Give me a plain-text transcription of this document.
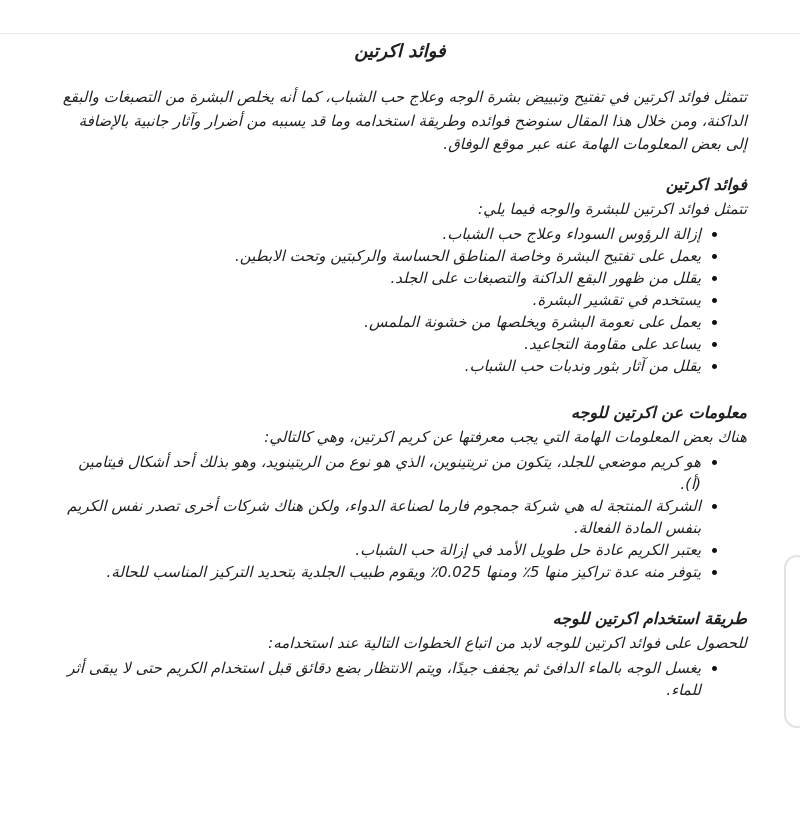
فوائد اكرتين

تتمثل فوائد اكرتين في تفتيح وتبييض بشرة الوجه وعلاج حب الشباب، كما أنه يخلص البشرة من التصبغات والبقع الداكنة، ومن خلال هذا المقال سنوضح فوائده وطريقة استخدامه وما قد يسببه من أضرار وآثار جانبية بالإضافة إلى بعض المعلومات الهامة عنه عبر موقع الوفاق.

فوائد اكرتين

تتمثل فوائد اكرتين للبشرة والوجه فيما يلي:

• إزالة الرؤوس السوداء وعلاج حب الشباب.
• يعمل على تفتيح البشرة وخاصة المناطق الحساسة والركبتين وتحت الابطين.
• يقلل من ظهور البقع الداكنة والتصبغات على الجلد.
• يستخدم في تقشير البشرة.
• يعمل على نعومة البشرة ويخلصها من خشونة الملمس.
• يساعد على مقاومة التجاعيد.
• يقلل من آثار بثور وندبات حب الشباب.
معلومات عن اكرتين للوجه

هناك بعض المعلومات الهامة التي يجب معرفتها عن كريم اكرتين، وهي كالتالي:

• هو كريم موضعي للجلد، يتكون من تريتينوين، الذي هو نوع من الريتينويد، وهو بذلك أحد أشكال فيتامين (أ).
• الشركة المنتجة له هي شركة جمجوم فارما لصناعة الدواء، ولكن هناك شركات أخرى تصدر نفس الكريم بنفس المادة الفعالة.
• يعتبر الكريم عادة حل طويل الأمد في إزالة حب الشباب.
• يتوفر منه عدة تراكيز منها 5٪ ومنها 0.025٪ ويقوم طبيب الجلدية بتحديد التركيز المناسب للحالة.
طريقة استخدام اكرتين للوجه

للحصول على فوائد اكرتين للوجه لابد من اتباع الخطوات التالية عند استخدامه:

• يغسل الوجه بالماء الدافئ ثم يجفف جيدًا، ويتم الانتظار بضع دقائق قبل استخدام الكريم حتى لا يبقى أثر للماء.
